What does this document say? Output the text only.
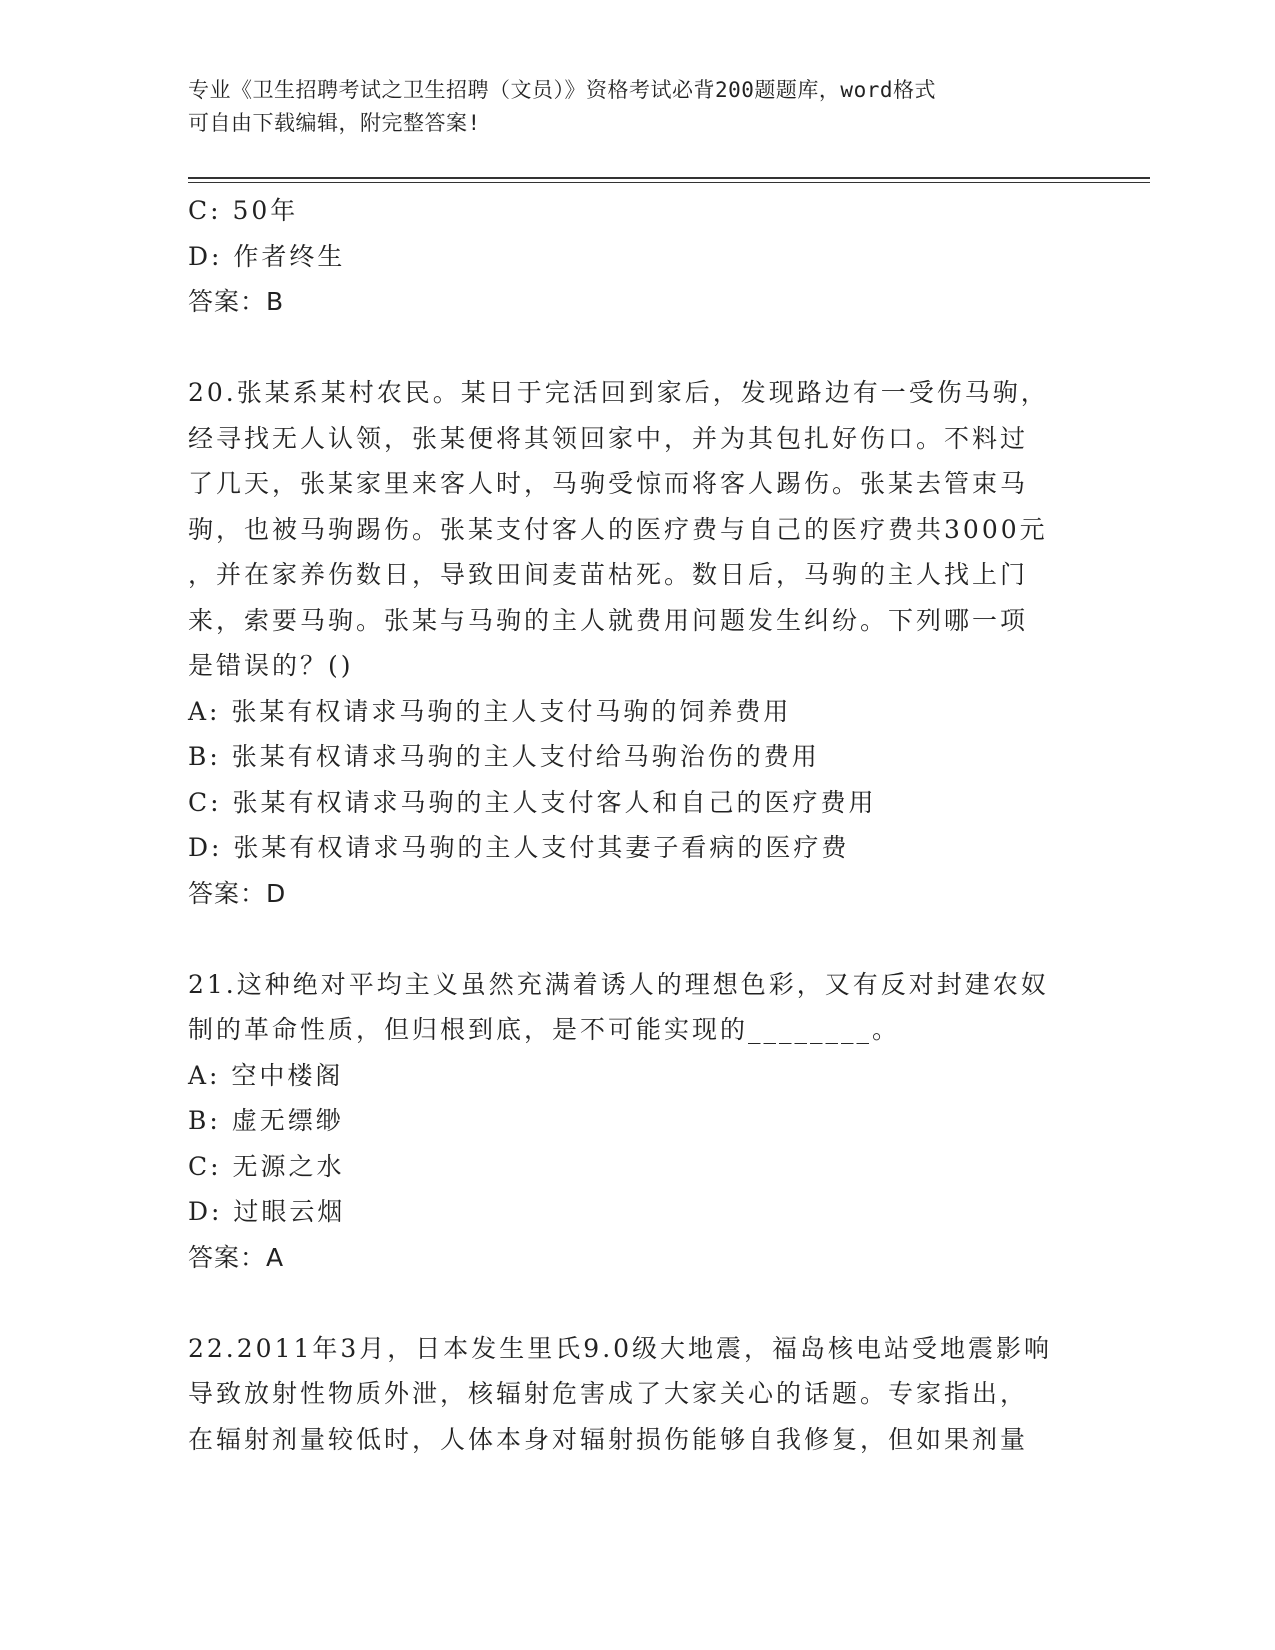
专业《卫生招聘考试之卫生招聘（文员）》资格考试必背200题题库，word格式
可自由下载编辑，附完整答案!
C: 50年
D: 作者终生
答案：B
20.张某系某村农民。某日于完活回到家后，发现路边有一受伤马驹，
经寻找无人认领，张某便将其领回家中，并为其包扎好伤口。不料过
了几天，张某家里来客人时，马驹受惊而将客人踢伤。张某去管束马
驹，也被马驹踢伤。张某支付客人的医疗费与自己的医疗费共3000元
，并在家养伤数日，导致田间麦苗枯死。数日后，马驹的主人找上门
来，索要马驹。张某与马驹的主人就费用问题发生纠纷。下列哪一项
是错误的？()
A: 张某有权请求马驹的主人支付马驹的饲养费用
B: 张某有权请求马驹的主人支付给马驹治伤的费用
C: 张某有权请求马驹的主人支付客人和自己的医疗费用
D: 张某有权请求马驹的主人支付其妻子看病的医疗费
答案：D
21.这种绝对平均主义虽然充满着诱人的理想色彩，又有反对封建农奴
制的革命性质，但归根到底，是不可能实现的________。
A: 空中楼阁
B: 虚无缥缈
C: 无源之水
D: 过眼云烟
答案：A
22.2011年3月，日本发生里氏9.0级大地震，福岛核电站受地震影响
导致放射性物质外泄，核辐射危害成了大家关心的话题。专家指出，
在辐射剂量较低时，人体本身对辐射损伤能够自我修复，但如果剂量
